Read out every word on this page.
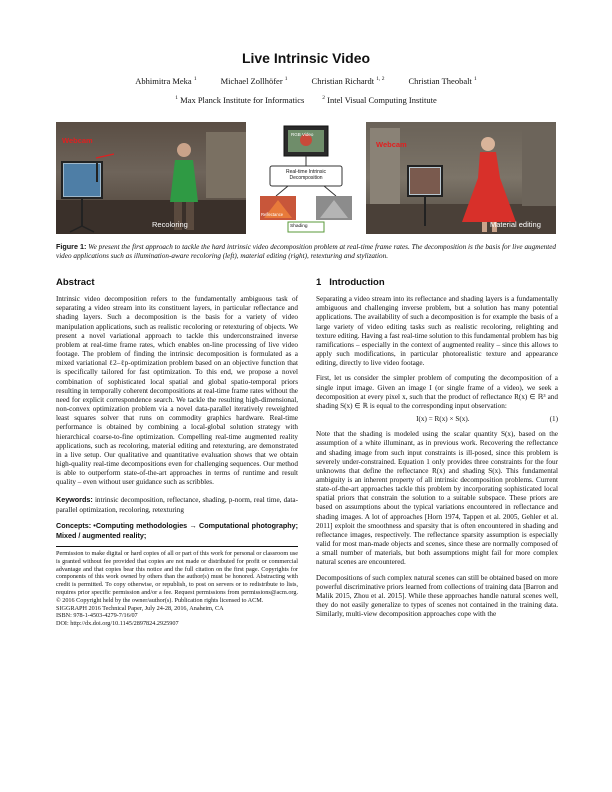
Live Intrinsic Video
Abhimitra Meka $^1$	Michael Zollhöfer $^1$	Christian Richardt $^{1, 2}$	Christian Theobalt $^1$
$^1$ Max Planck Institute for Informatics	$^2$ Intel Visual Computing Institute
Webcam
Recoloring
RGB Video
Real-time Intrinsic Decomposition
Reflectance
Shading
Webcam
Material editing
Figure 1: We present the first approach to tackle the hard intrinsic video decomposition problem at real-time frame rates. The decomposition is the basis for live augmented video applications such as illumination-aware recoloring (left), material editing (right), retexturing and stylization.
Abstract

Intrinsic video decomposition refers to the fundamentally ambiguous task of separating a video stream into its constituent layers, in particular reflectance and shading layers. Such a decomposition is the basis for a variety of video manipulation applications, such as realistic recoloring or retexturing of objects. We present a novel variational approach to tackle this underconstrained inverse problem at real-time frame rates, which enables on-line processing of live video footage. The problem of finding the intrinsic decomposition is formulated as a mixed variational ℓ2–ℓp-optimization problem based on an objective function that is specifically tailored for fast optimization. To this end, we propose a novel combination of sophisticated local spatial and global spatio-temporal priors resulting in temporally coherent decompositions at real-time frame rates without the need for explicit correspondence search. We tackle the resulting high-dimensional, non-convex optimization problem via a novel data-parallel iteratively reweighted least squares solver that runs on commodity graphics hardware. Real-time performance is obtained by combining a local-global solution strategy with hierarchical coarse-to-fine optimization. Compelling real-time augmented reality applications, such as recoloring, material editing and retexturing, are demonstrated in a live setup. Our qualitative and quantitative evaluation shows that we obtain high-quality real-time decompositions even for challenging sequences. Our method is able to outperform state-of-the-art approaches in terms of runtime and result quality – even without user guidance such as scribbles.

Keywords: intrinsic decomposition, reflectance, shading, p-norm, real time, data-parallel optimization, recoloring, retexturing
Concepts: •Computing methodologies → Computational photography; Mixed / augmented reality;
Permission to make digital or hard copies of all or part of this work for personal or classroom use is granted without fee provided that copies are not made or distributed for profit or commercial advantage and that copies bear this notice and the full citation on the first page. Copyrights for components of this work owned by others than the author(s) must be honored. Abstracting with credit is permitted. To copy otherwise, or republish, to post on servers or to redistribute to lists, requires prior specific permission and/or a fee. Request permissions from permissions@acm.org. © 2016 Copyright held by the owner/author(s). Publication rights licensed to ACM.
SIGGRAPH 2016 Technical Paper, July 24-28, 2016, Anaheim, CA
ISBN: 978-1-4503-4279-7/16/07
DOI: http://dx.doi.org/10.1145/2897824.2925907
1 Introduction

Separating a video stream into its reflectance and shading layers is a fundamentally ambiguous and challenging inverse problem, but a solution has many potential applications. The availability of such a decomposition is for example the basis of a large variety of video editing tasks such as realistic recoloring, relighting and texture editing. Having a fast real-time solution to this fundamental problem has big ramifications – especially in the context of augmented reality – since this allows to apply such modifications, in particular photorealistic texture and appearance editing, directly to live video footage.

First, let us consider the simpler problem of computing the decomposition of a single input image. Given an image I (or single frame of a video), we seek a decomposition at every pixel x, such that the product of reflectance R(x) ∈ ℝ³ and shading S(x) ∈ ℝ is equal to the corresponding input observation:

I(x) = R(x) × S(x).	(1)

Note that the shading is modeled using the scalar quantity S(x), based on the assumption of a white illuminant, as in previous work. Recovering the reflectance and shading image from such input constraints is ill-posed, since this problem is severely under-constrained. Equation 1 only provides three constraints for the four unknowns that define the reflectance R(x) and shading S(x). This fundamental ambiguity is an inherent property of all intrinsic decomposition problems. Current state-of-the-art approaches tackle this problem by incorporating sophisticated local spatial priors that constrain the solution to a suitable subspace. These priors are based on assumptions about the typical variations encountered in reflectance and shading images. A lot of approaches [Horn 1974, Tappen et al. 2005, Gehler et al. 2011] exploit the smoothness and sparsity that is often encountered in shading and reflectance images, respectively. The reflectance sparsity assumption is especially valid for most man-made objects and scenes, since these are normally composed of a small number of materials, but both assumptions might fail for more complex natural scenes are encountered.

Decompositions of such complex natural scenes can still be obtained based on more powerful discriminative priors learned from collections of training data [Barron and Malik 2015, Zhou et al. 2015]. While these approaches handle natural scenes well, they do not easily generalize to types of scenes not contained in the training data. Similarly, multi-view decomposition approaches cope with the
